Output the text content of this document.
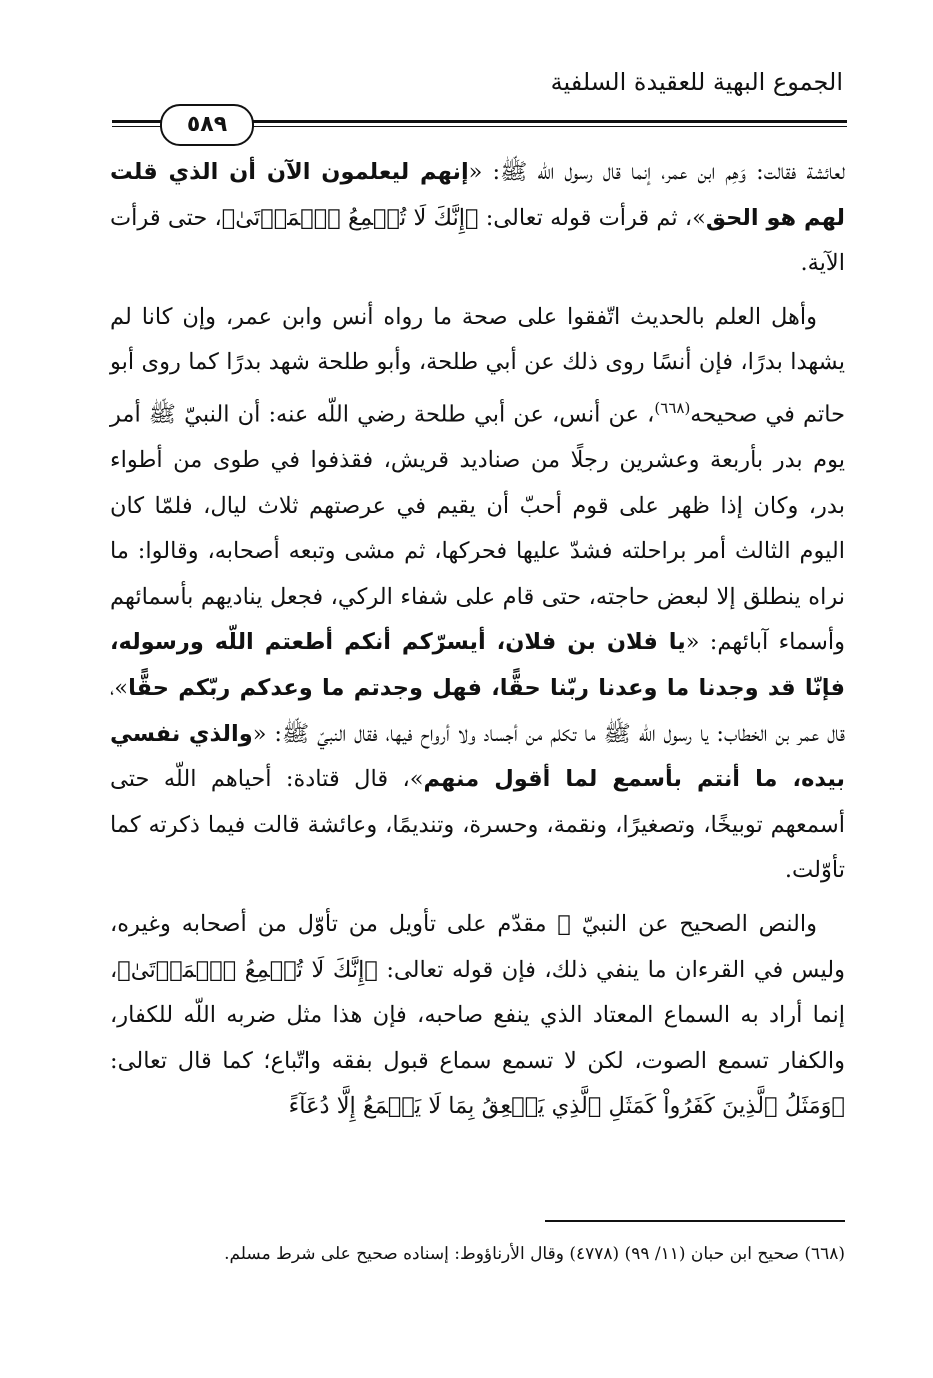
الجموع البهية للعقيدة السلفية
٥٨٩

لعائشة فقالت: وَهِم ابن عمر، إنما قال رسول اللّه ﷺ: «إنهم ليعلمون الآن أن الذي قلت لهم هو الحق»، ثم قرأت قوله تعالى: ﴿إِنَّكَ لَا تُسۡمِعُ ٱلۡمَوۡتَىٰ﴾، حتى قرأت الآية.

وأهل العلم بالحديث اتّفقوا على صحة ما رواه أنس وابن عمر، وإن كانا لم يشهدا بدرًا، فإن أنسًا روى ذلك عن أبي طلحة، وأبو طلحة شهد بدرًا كما روى أبو حاتم في صحيحه$^{(٦٦٨)}$، عن أنس، عن أبي طلحة رضي اللّه عنه: أن النبيّ ﷺ أمر يوم بدر بأربعة وعشرين رجلًا من صناديد قريش، فقذفوا في طوى من أطواء بدر، وكان إذا ظهر على قوم أحبّ أن يقيم في عرصتهم ثلاث ليال، فلمّا كان اليوم الثالث أمر براحلته فشدّ عليها فحركها، ثم مشى وتبعه أصحابه، وقالوا: ما نراه ينطلق إلا لبعض حاجته، حتى قام على شفاء الركي، فجعل يناديهم بأسمائهم وأسماء آبائهم: «يا فلان بن فلان، أيسرّكم أنكم أطعتم اللّه ورسوله، فإنّا قد وجدنا ما وعدنا ربّنا حقًّا، فهل وجدتم ما وعدكم ربّكم حقًّا»، قال عمر بن الخطاب: يا رسول اللّه ﷺ ما تكلم من أجساد ولا أرواح فيها، فقال النبيّ ﷺ: «والذي نفسي بيده، ما أنتم بأسمع لما أقول منهم»، قال قتادة: أحياهم اللّه حتى أسمعهم توبيخًا، وتصغيرًا، ونقمة، وحسرة، وتنديمًا، وعائشة قالت فيما ذكرته كما تأوّلت.

والنص الصحيح عن النبيّ ﷺ مقدّم على تأويل من تأوّل من أصحابه وغيره، وليس في القرءان ما ينفي ذلك، فإن قوله تعالى: ﴿إِنَّكَ لَا تُسۡمِعُ ٱلۡمَوۡتَىٰ﴾، إنما أراد به السماع المعتاد الذي ينفع صاحبه، فإن هذا مثل ضربه اللّه للكفار، والكفار تسمع الصوت، لكن لا تسمع سماع قبول بفقه واتّباع؛ كما قال تعالى: ﴿وَمَثَلُ ٱلَّذِينَ كَفَرُواْ كَمَثَلِ ٱلَّذِي يَنۡعِقُ بِمَا لَا يَسۡمَعُ إِلَّا دُعَآءً

(٦٦٨) صحيح ابن حبان (١١/ ٩٩) (٤٧٧٨) وقال الأرناؤوط: إسناده صحيح على شرط مسلم.
